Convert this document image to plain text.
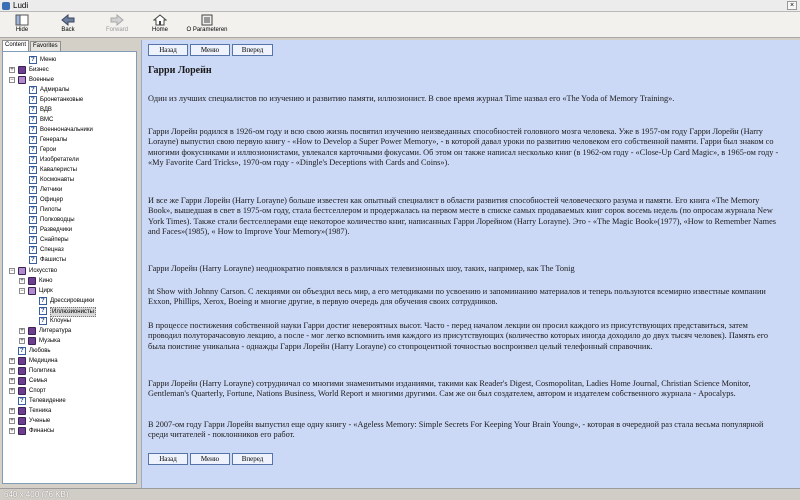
Ludi	×
Hide	Back	Forward	Home	O Parameteren
Content	Favorites
?
Меню
+	Бизнес
−	Военные
?
Адмиралы
?
Бронетанковые
?
ВДВ
?
ВМС
?
Военноначальники
?
Генералы
?
Герои
?
Изобретатели
?
Кавалеристы
?
Космонавты
?
Летчики
?
Офицер
?
Пилоты
?
Полководцы
?
Разведчики
?
Снайперы
?
Спецназ
?
Фашисты
−	Искусство
+	Кино
−	Цирк
?
Дрессировщики
?
Иллюзионисты
?
Клоуны
+	Литература
+	Музыка
?
Любовь
+	Медицина
+	Политика
+	Семья
+	Спорт
?
Телевидение
+	Техника
+	Ученые
+	Финансы
Назад	Меню	Вперед
Гарри Лорейн

Один из лучших специалистов по изучению и развитию памяти, иллюзионист. В свое время журнал Time назвал его «The Yoda of Memory Training».

Гарри Лорейн родился в 1926-ом году и всю свою жизнь посвятил изучению неизведанных способностей головного мозга человека. Уже в 1957-ом году Гарри Лорейн (Harry Lorayne) выпустил свою первую книгу - «How to Develop a Super Power Memory», - в которой давал уроки по развитию человеком его собственной памяти. Гарри был знаком со многими фокусниками и иллюзионистами, увлекался карточными фокусами. Об этом он также написал несколько книг (в 1962-ом году - «Close-Up Card Magic», в 1965-ом году - «My Favorite Card Tricks», 1970-ом году - «Dingle's Deceptions with Cards and Coins»).

И все же Гарри Лорейн (Harry Lorayne) больше известен как опытный специалист в области развития способностей человеческого разума и памяти. Его книга «The Memory Book», вышедшая в свет в 1975-ом году, стала бестселлером и продержалась на первом месте в списке самых продаваемых книг сорок восемь недель (по опросам журнала New York Times). Также стали бестселлерами еще некоторое количество книг, написанных Гарри Лорейном (Harry Lorayne). Это - «The Magic Book»(1977), «How to Remember Names and Faces»(1985), « How to Improve Your Memory»(1987).

Гарри Лорейн (Harry Lorayne) неоднократно появлялся в различных телевизионных шоу, таких, например, как The Tonig

ht Show with Johnny Carson. С лекциями он объездил весь мир, а его методиками по усвоению и запоминанию материалов и теперь пользуются всемирно известные компании Exxon, Phillips, Xerox, Boeing и многие другие, в первую очередь для обучения своих сотрудников.

В процессе постижения собственной науки Гарри достиг невероятных высот. Часто - перед началом лекции он просил каждого из присутствующих представиться, затем проводил полуторачасовую лекцию, а после - мог легко вспомнить имя каждого из присутствующих (количество которых иногда доходило до двух тысяч человек). Память его была поистине уникальна - однажды Гарри Лорейн (Harry Lorayne) со стопроцентной точностью воспроизвел целый телефонный справочник.

Гарри Лорейн (Harry Lorayne) сотрудничал со многими знаменитыми изданиями, такими как Reader's Digest, Cosmopolitan, Ladies Home Journal, Christian Science Monitor, Gentleman's Quarterly, Fortune, Nations Business, World Report и многими другими. Сам же он был создателем, автором и издателем собственного журнала - Apocalyps.

В 2007-ом году Гарри Лорейн выпустил еще одну книгу - «Ageless Memory: Simple Secrets For Keeping Your Brain Young», - которая в очередной раз стала весьма популярной среди читателей - поклонников его работ.

Назад	Меню	Вперед
640 x 400 (76 KB)
